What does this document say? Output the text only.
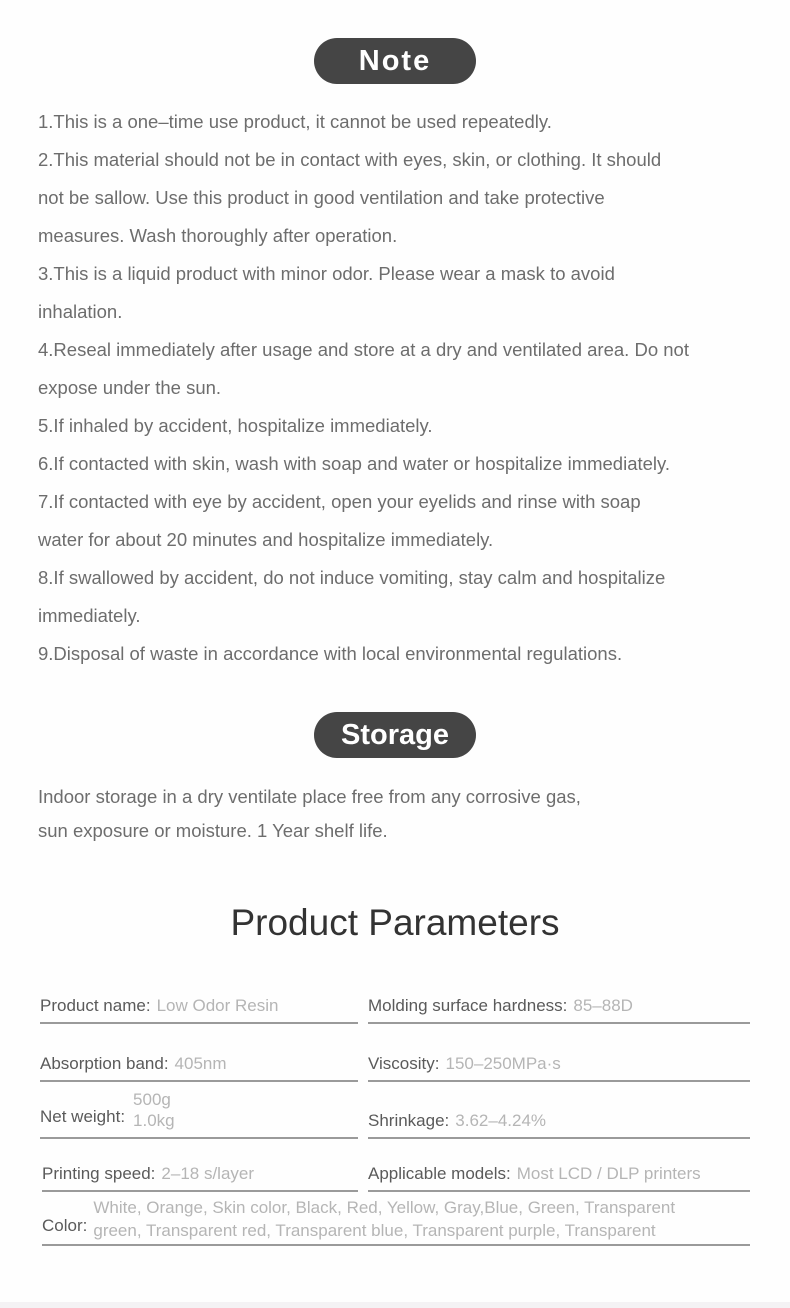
Note
1.This is a one–time use product, it cannot be used repeatedly.
2.This material should not be in contact with eyes, skin, or clothing. It should
not be sallow. Use this product in good ventilation and take protective
measures. Wash thoroughly after operation.
3.This is a liquid product with minor odor. Please wear a mask to avoid
inhalation.
4.Reseal immediately after usage and store at a dry and ventilated area. Do not
expose under the sun.
5.If inhaled by accident, hospitalize immediately.
6.If contacted with skin, wash with soap and water or hospitalize immediately.
7.If contacted with eye by accident, open your eyelids and rinse with soap
water for about 20 minutes and hospitalize immediately.
8.If swallowed by accident, do not induce vomiting, stay calm and hospitalize
immediately.
9.Disposal of waste in accordance with local environmental regulations.
Storage
Indoor storage in a dry ventilate place free from any corrosive gas,
sun exposure or moisture. 1 Year shelf life.
Product Parameters
Product name: Low Odor Resin	Molding surface hardness: 85–88D
Absorption band: 405nm	Viscosity: 150–250MPa·s
Net weight:
500g
1.0kg	Shrinkage: 3.62–4.24%
Printing speed: 2–18 s/layer	Applicable models: Most LCD / DLP printers
Color:
White, Orange, Skin color, Black, Red, Yellow, Gray,Blue, Green, Transparent
green, Transparent red, Transparent blue, Transparent purple, Transparent
